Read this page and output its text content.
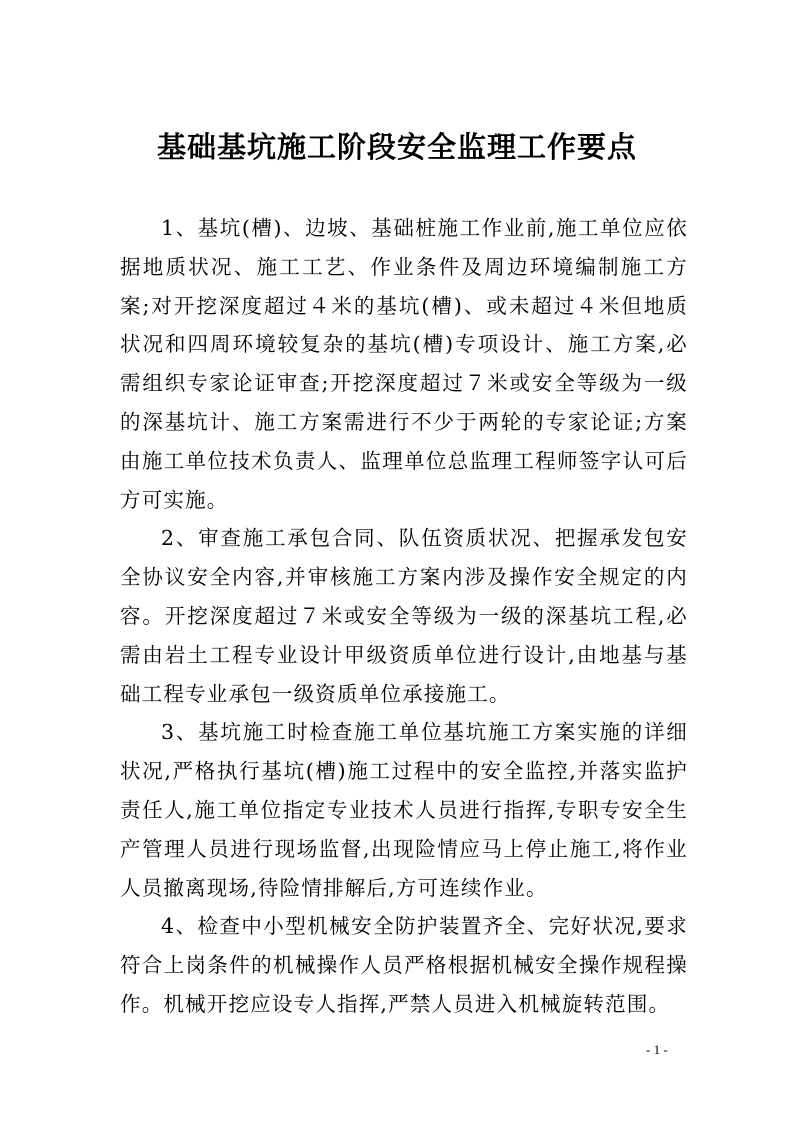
基础基坑施工阶段安全监理工作要点

1、基坑(槽)、边坡、基础桩施工作业前,施工单位应依据地质状况、施工工艺、作业条件及周边环境编制施工方案;对开挖深度超过４米的基坑(槽)、或未超过４米但地质状况和四周环境较复杂的基坑(槽)专项设计、施工方案,必需组织专家论证审查;开挖深度超过７米或安全等级为一级的深基坑计、施工方案需进行不少于两轮的专家论证;方案由施工单位技术负责人、监理单位总监理工程师签字认可后方可实施。

2、审查施工承包合同、队伍资质状况、把握承发包安全协议安全内容,并审核施工方案内涉及操作安全规定的内容。开挖深度超过７米或安全等级为一级的深基坑工程,必需由岩土工程专业设计甲级资质单位进行设计,由地基与基础工程专业承包一级资质单位承接施工。

3、基坑施工时检查施工单位基坑施工方案实施的详细状况,严格执行基坑(槽)施工过程中的安全监控,并落实监护责任人,施工单位指定专业技术人员进行指挥,专职专安全生产管理人员进行现场监督,出现险情应马上停止施工,将作业人员撤离现场,待险情排解后,方可连续作业。

4、检查中小型机械安全防护装置齐全、完好状况,要求符合上岗条件的机械操作人员严格根据机械安全操作规程操作。机械开挖应设专人指挥,严禁人员进入机械旋转范围。

- 1 -
